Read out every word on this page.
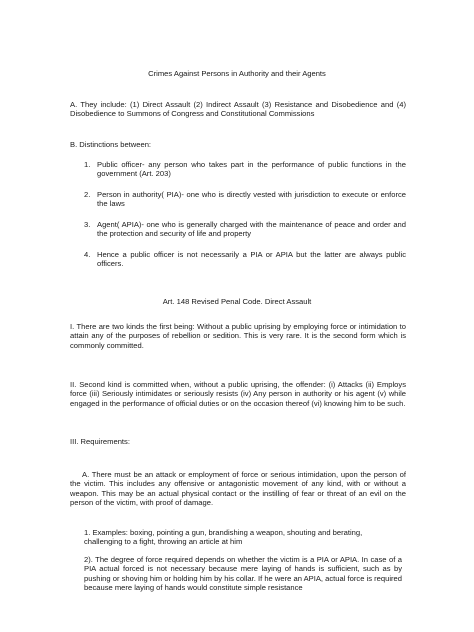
Crimes Against Persons in Authority and their Agents

A. They include: (1) Direct Assault (2) Indirect Assault (3) Resistance and Disobedience and (4) Disobedience to Summons of Congress and Constitutional Commissions

B. Distinctions between:

1. Public officer- any person who takes part in the performance of public functions in the government (Art. 203)
2. Person in authority( PIA)- one who is directly vested with jurisdiction to execute or enforce the laws
3. Agent( APIA)- one who is generally charged with the maintenance of peace and order and the protection and security of life and property
4. Hence a public officer is not necessarily a PIA or APIA but the latter are always public officers.

Art. 148 Revised Penal Code. Direct Assault

I. There are two kinds the first being: Without a public uprising by employing force or intimidation to attain any of the purposes of rebellion or sedition. This is very rare. It is the second form which is commonly committed.

II. Second kind is committed when, without a public uprising, the offender: (i) Attacks (ii) Employs force (iii) Seriously intimidates or seriously resists (iv) Any person in authority or his agent (v) while engaged in the performance of official duties or on the occasion thereof (vi) knowing him to be such.

III. Requirements:

A. There must be an attack or employment of force or serious intimidation, upon the person of the victim. This includes any offensive or antagonistic movement of any kind, with or without a weapon. This may be an actual physical contact or the instilling of fear or threat of an evil on the person of the victim, with proof of damage.

1. Examples: boxing, pointing a gun, brandishing a weapon, shouting and berating, challenging to a fight, throwing an article at him

2). The degree of force required depends on whether the victim is a PIA or APIA. In case of a PIA actual forced is not necessary because mere laying of hands is sufficient, such as by pushing or shoving him or holding him by his collar. If he were an APIA, actual force is required because mere laying of hands would constitute simple resistance
